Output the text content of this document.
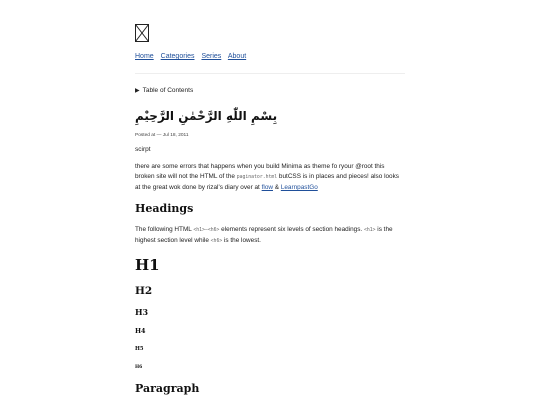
Home Categories Series About
▶ Table of Contents
بِسْمِ اللّٰهِ الرَّحْمٰنِ الرَّحِيْمِ
Posted at — Jul 18, 2011
scirpt

there are some errors that happens when you build Minima as theme fo ryour @root this broken site will not the HTML of the paginator.html butCSS is in places and pieces! also looks at the great wok done by rizal's diary over at flow & LearnpastGo

Headings

The following HTML <h1>—<h6> elements represent six levels of section headings. <h1> is the highest section level while <h6> is the lowest.

H1
H2
H3
H4
H5
H6
Paragraph
